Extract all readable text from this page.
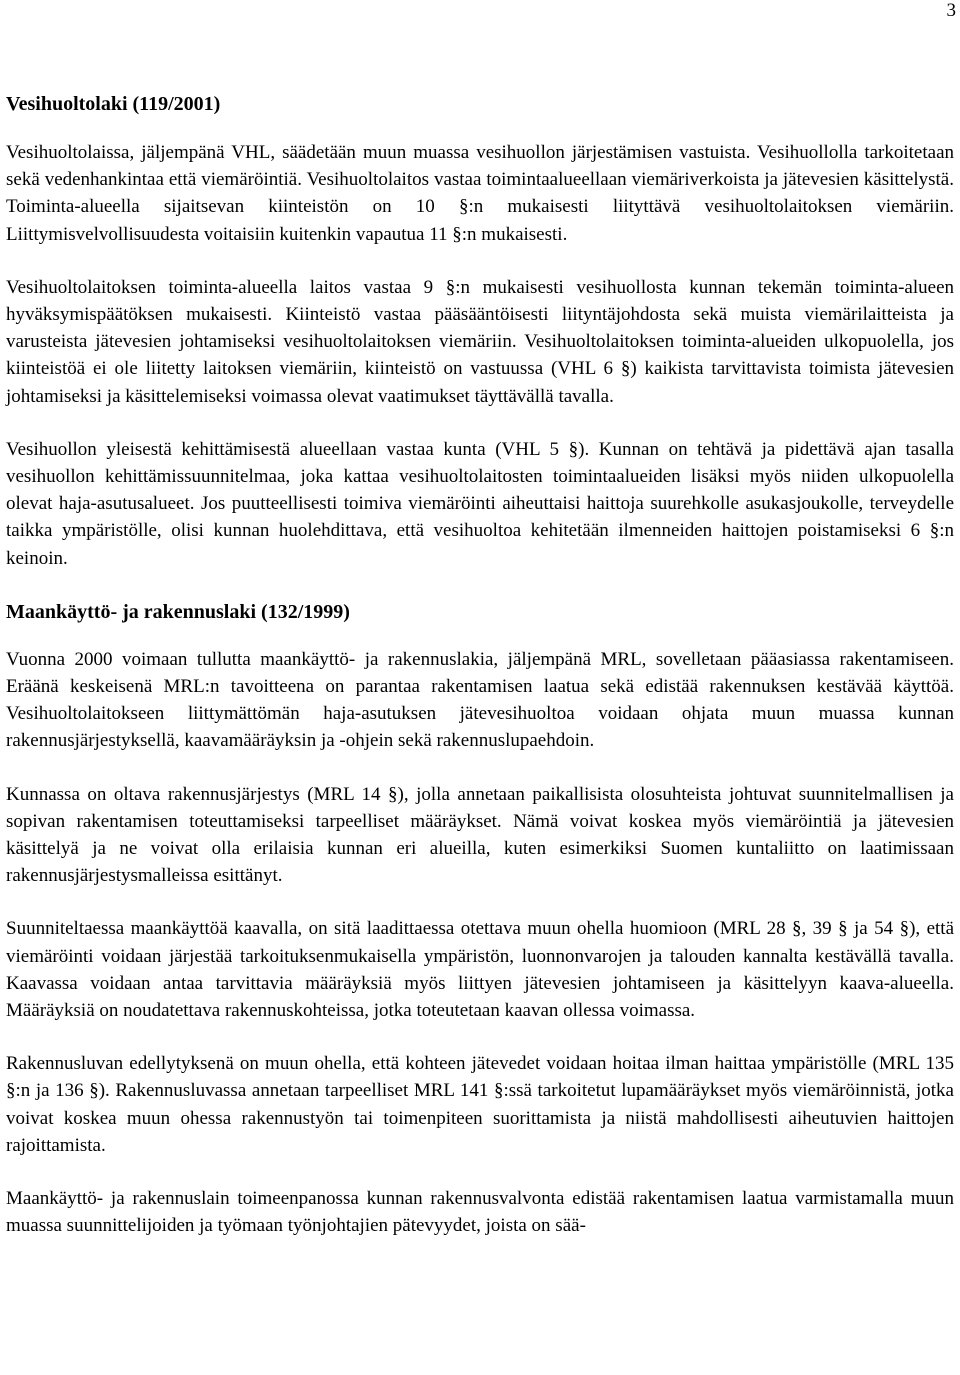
3
Vesihuoltolaki (119/2001)

Vesihuoltolaissa, jäljempänä VHL, säädetään muun muassa vesihuollon järjestämisen vastuista. Vesihuollolla tarkoitetaan sekä vedenhankintaa että viemäröintiä. Vesihuoltolaitos vastaa toimintaalueellaan viemäriverkoista ja jätevesien käsittelystä. Toiminta-alueella sijaitsevan kiinteistön on 10 §:n mukaisesti liityttävä vesihuoltolaitoksen viemäriin. Liittymisvelvollisuudesta voitaisiin kuitenkin vapautua 11 §:n mukaisesti.

Vesihuoltolaitoksen toiminta-alueella laitos vastaa 9 §:n mukaisesti vesihuollosta kunnan tekemän toiminta-alueen hyväksymispäätöksen mukaisesti. Kiinteistö vastaa pääsääntöisesti liityntäjohdosta sekä muista viemärilaitteista ja varusteista jätevesien johtamiseksi vesihuoltolaitoksen viemäriin. Vesihuoltolaitoksen toiminta-alueiden ulkopuolella, jos kiinteistöä ei ole liitetty laitoksen viemäriin, kiinteistö on vastuussa (VHL 6 §) kaikista tarvittavista toimista jätevesien johtamiseksi ja käsittelemiseksi voimassa olevat vaatimukset täyttävällä tavalla.

Vesihuollon yleisestä kehittämisestä alueellaan vastaa kunta (VHL 5 §). Kunnan on tehtävä ja pidettävä ajan tasalla vesihuollon kehittämissuunnitelmaa, joka kattaa vesihuoltolaitosten toimintaalueiden lisäksi myös niiden ulkopuolella olevat haja-asutusalueet. Jos puutteellisesti toimiva viemäröinti aiheuttaisi haittoja suurehkolle asukasjoukolle, terveydelle taikka ympäristölle, olisi kunnan huolehdittava, että vesihuoltoa kehitetään ilmenneiden haittojen poistamiseksi 6 §:n keinoin.

Maankäyttö- ja rakennuslaki (132/1999)

Vuonna 2000 voimaan tullutta maankäyttö- ja rakennuslakia, jäljempänä MRL, sovelletaan pääasiassa rakentamiseen. Eräänä keskeisenä MRL:n tavoitteena on parantaa rakentamisen laatua sekä edistää rakennuksen kestävää käyttöä. Vesihuoltolaitokseen liittymättömän haja-asutuksen jätevesihuoltoa voidaan ohjata muun muassa kunnan rakennusjärjestyksellä, kaavamääräyksin ja -ohjein sekä rakennuslupaehdoin.

Kunnassa on oltava rakennusjärjestys (MRL 14 §), jolla annetaan paikallisista olosuhteista johtuvat suunnitelmallisen ja sopivan rakentamisen toteuttamiseksi tarpeelliset määräykset. Nämä voivat koskea myös viemäröintiä ja jätevesien käsittelyä ja ne voivat olla erilaisia kunnan eri alueilla, kuten esimerkiksi Suomen kuntaliitto on laatimissaan rakennusjärjestysmalleissa esittänyt.

Suunniteltaessa maankäyttöä kaavalla, on sitä laadittaessa otettava muun ohella huomioon (MRL 28 §, 39 § ja 54 §), että viemäröinti voidaan järjestää tarkoituksenmukaisella ympäristön, luonnonvarojen ja talouden kannalta kestävällä tavalla. Kaavassa voidaan antaa tarvittavia määräyksiä myös liittyen jätevesien johtamiseen ja käsittelyyn kaava-alueella. Määräyksiä on noudatettava rakennuskohteissa, jotka toteutetaan kaavan ollessa voimassa.

Rakennusluvan edellytyksenä on muun ohella, että kohteen jätevedet voidaan hoitaa ilman haittaa ympäristölle (MRL 135 §:n ja 136 §). Rakennusluvassa annetaan tarpeelliset MRL 141 §:ssä tarkoitetut lupamääräykset myös viemäröinnistä, jotka voivat koskea muun ohessa rakennustyön tai toimenpiteen suorittamista ja niistä mahdollisesti aiheutuvien haittojen rajoittamista.

Maankäyttö- ja rakennuslain toimeenpanossa kunnan rakennusvalvonta edistää rakentamisen laatua varmistamalla muun muassa suunnittelijoiden ja työmaan työnjohtajien pätevyydet, joista on sää-
